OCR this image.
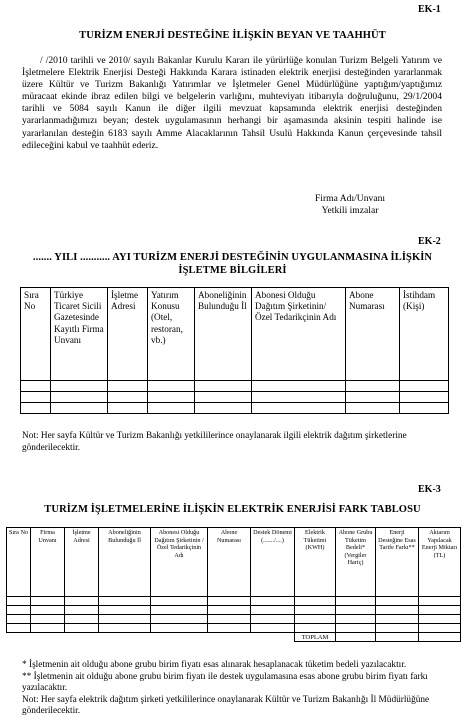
EK-1
TURİZM ENERJİ DESTEĞİNE İLİŞKİN BEYAN VE TAAHHÜT
/ /2010 tarihli ve 2010/ sayılı Bakanlar Kurulu Kararı ile yürürlüğe konulan Turizm Belgeli Yatırım ve İşletmelere Elektrik Enerjisi Desteği Hakkında Karara istinaden elektrik enerjisi desteğinden yararlanmak üzere Kültür ve Turizm Bakanlığı Yatırımlar ve İşletmeler Genel Müdürlüğüne yaptığım/yaptığımız müracaat ekinde ibraz edilen bilgi ve belgelerin varlığını, muhteviyatı itibarıyla doğruluğunu, 29/1/2004 tarihli ve 5084 sayılı Kanun ile diğer ilgili mevzuat kapsamında elektrik enerjisi desteğinden yararlanmadığımızı beyan; destek uygulamasının herhangi bir aşamasında aksinin tespiti halinde ise yararlanılan desteğin 6183 sayılı Amme Alacaklarının Tahsil Usulü Hakkında Kanun çerçevesinde tahsil edileceğini kabul ve taahhüt ederiz.
Firma Adı/Unvanı
Yetkili imzalar
EK-2
....... YILI ........... AYI TURİZM ENERJİ DESTEĞİNİN UYGULANMASINA İLİŞKİN
İŞLETME BİLGİLERİ
Sıra No	Türkiye Ticaret Sicili Gazetesinde Kayıtlı Firma Unvanı	İşletme Adresi	Yatırım Konusu (Otel, restoran, vb.)	Aboneliğinin Bulunduğu İl	Abonesi Olduğu Dağıtım Şirketinin/Özel Tedarikçinin Adı	Abone Numarası	İstihdam (Kişi)

Not: Her sayfa Kültür ve Turizm Bakanlığı yetkililerince onaylanarak ilgili elektrik dağıtım şirketlerine gönderilecektir.
EK-3
TURİZM İŞLETMELERİNE İLİŞKİN ELEKTRİK ENERJİSİ FARK TABLOSU
Sıra No	Firma Unvanı	İşletme Adresi	Aboneliğinin Bulunduğu İl	Abonesi Olduğu Dağıtım Şirketinin /Özel Tedarikçinin Adı	Abone Numarası	Destek Dönemi (......./....)	Elektrik Tüketimi (KWH)	Abone Grubu Tüketim Bedeli* (Vergiler Hariç)	Enerji Desteğine Esas Tarife Farkı**	Aktarım Yapılacak Enerji Miktarı (TL)

							TOPLAM			
* İşletmenin ait olduğu abone grubu birim fiyatı esas alınarak hesaplanacak tüketim bedeli yazılacaktır.
** İşletmenin ait olduğu abone grubu birim fiyatı ile destek uygulamasına esas abone grubu birim fiyatı farkı yazılacaktır.
Not: Her sayfa elektrik dağıtım şirketi yetkililerince onaylanarak Kültür ve Turizm Bakanlığı İl Müdürlüğüne gönderilecektir.
